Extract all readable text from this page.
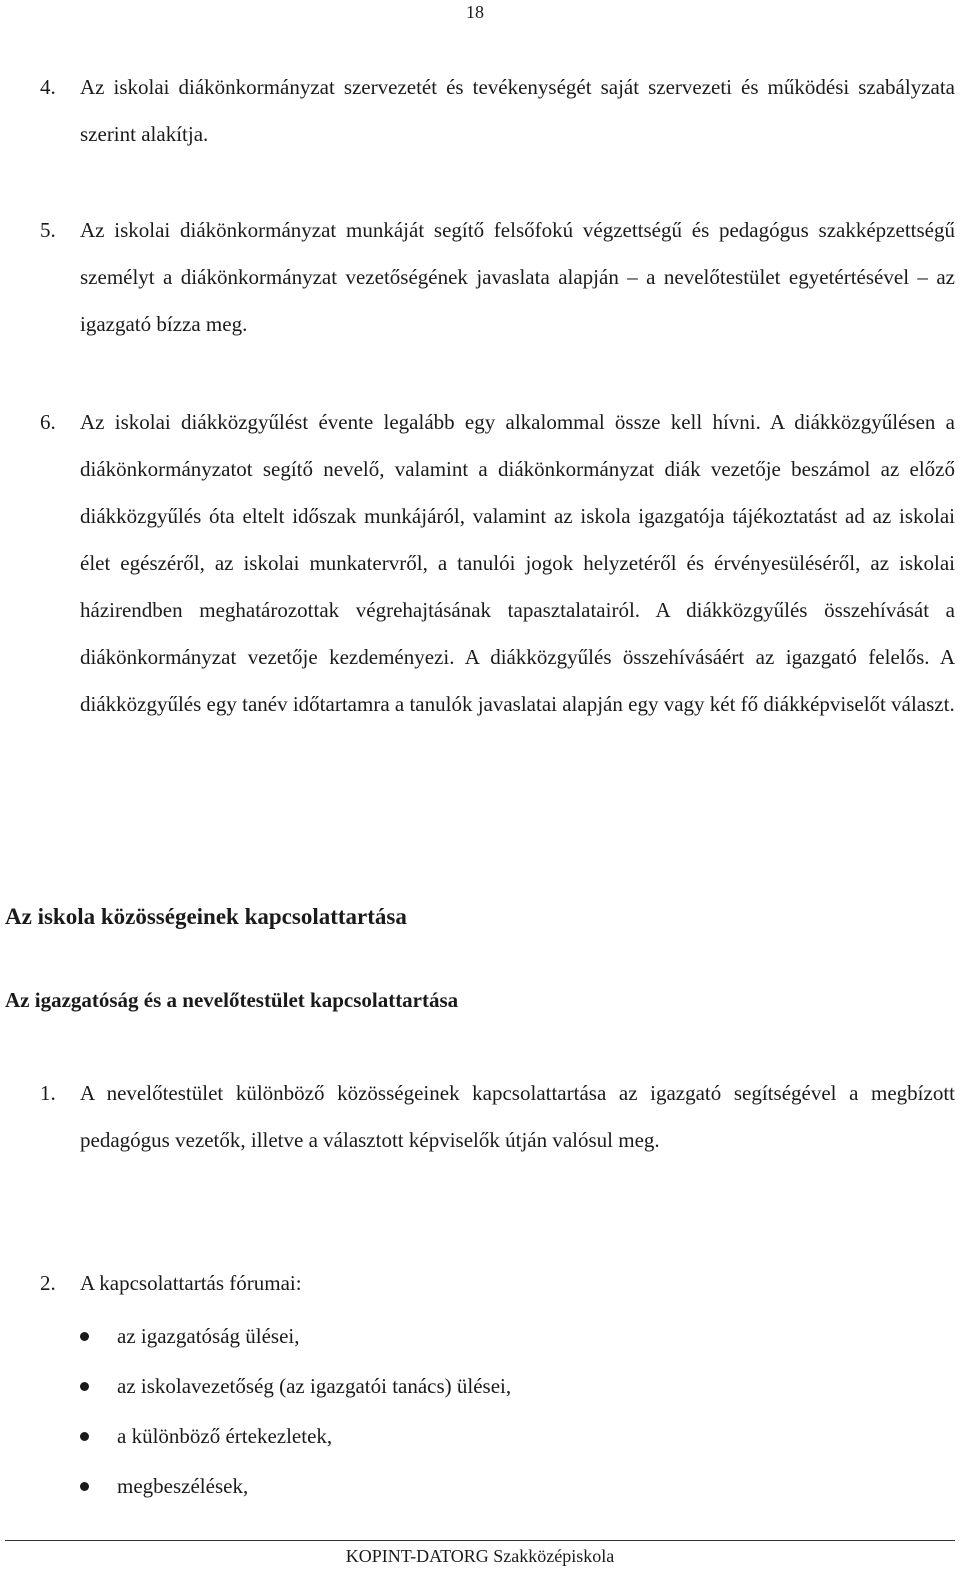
18
4.	Az iskolai diákönkormányzat szervezetét és tevékenységét saját szervezeti és működési szabályzata szerint alakítja.
5.	Az iskolai diákönkormányzat munkáját segítő felsőfokú végzettségű és pedagógus szakképzettségű személyt a diákönkormányzat vezetőségének javaslata alapján – a nevelőtestület egyetértésével – az igazgató bízza meg.
6.	Az iskolai diákközgyűlést évente legalább egy alkalommal össze kell hívni. A diákközgyűlésen a diákönkormányzatot segítő nevelő, valamint a diákönkormányzat diák vezetője beszámol az előző diákközgyűlés óta eltelt időszak munkájáról, valamint az iskola igazgatója tájékoztatást ad az iskolai élet egészéről, az iskolai munkatervről, a tanulói jogok helyzetéről és érvényesüléséről, az iskolai házirendben meghatározottak végrehajtásának tapasztalatairól. A diákközgyűlés összehívását a diákönkormányzat vezetője kezdeményezi. A diákközgyűlés összehívásáért az igazgató felelős. A diákközgyűlés egy tanév időtartamra a tanulók javaslatai alapján egy vagy két fő diákképviselőt választ.
Az iskola közösségeinek kapcsolattartása
Az igazgatóság és a nevelőtestület kapcsolattartása
1.	A nevelőtestület különböző közösségeinek kapcsolattartása az igazgató segítségével a megbízott pedagógus vezetők, illetve a választott képviselők útján valósul meg.
2.	A kapcsolattartás fórumai:
az igazgatóság ülései,
az iskolavezetőség (az igazgatói tanács) ülései,
a különböző értekezletek,
megbeszélések,
KOPINT-DATORG Szakközépiskola
